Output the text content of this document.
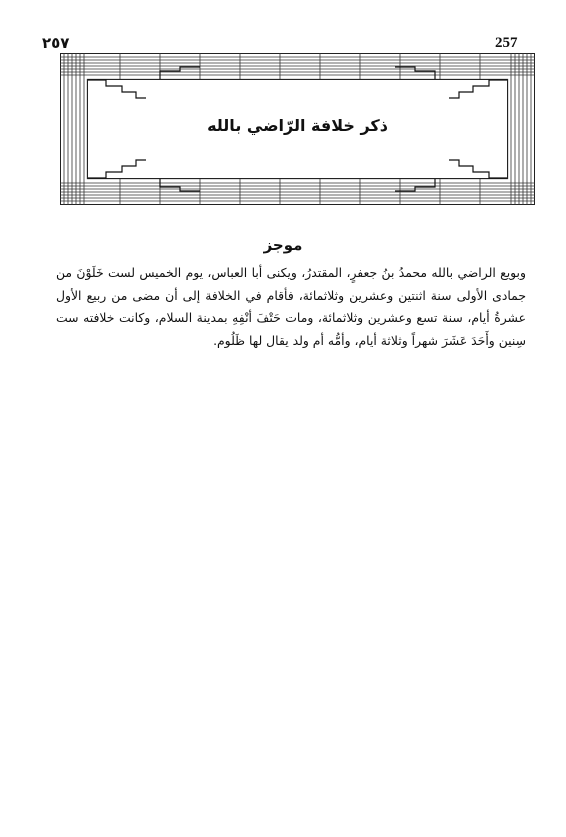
٢٥٧	257
ذكر خلافة الرّاضي بالله
موجز
وبويع الراضي بالله محمدُ بنُ جعفرٍ، المقتدرُ، ويكنى أبا العباس، يوم الخميس لست خَلَوْنَ من جمادى الأولى سنة اثنتين وعشرين وثلاثمائة، فأقام في الخلافة إلى أن مضى من ربيع الأول عشرةُ أيام، سنة تسع وعشرين وثلاثمائة، ومات حَتْفَ أنْفِهِ بمدينة السلام، وكانت خلافته ست سِنين وأَحَدَ عَشَرَ شهراً وثلاثة أيام، وأمُّه أم ولد يقال لها ظَلُوم.
